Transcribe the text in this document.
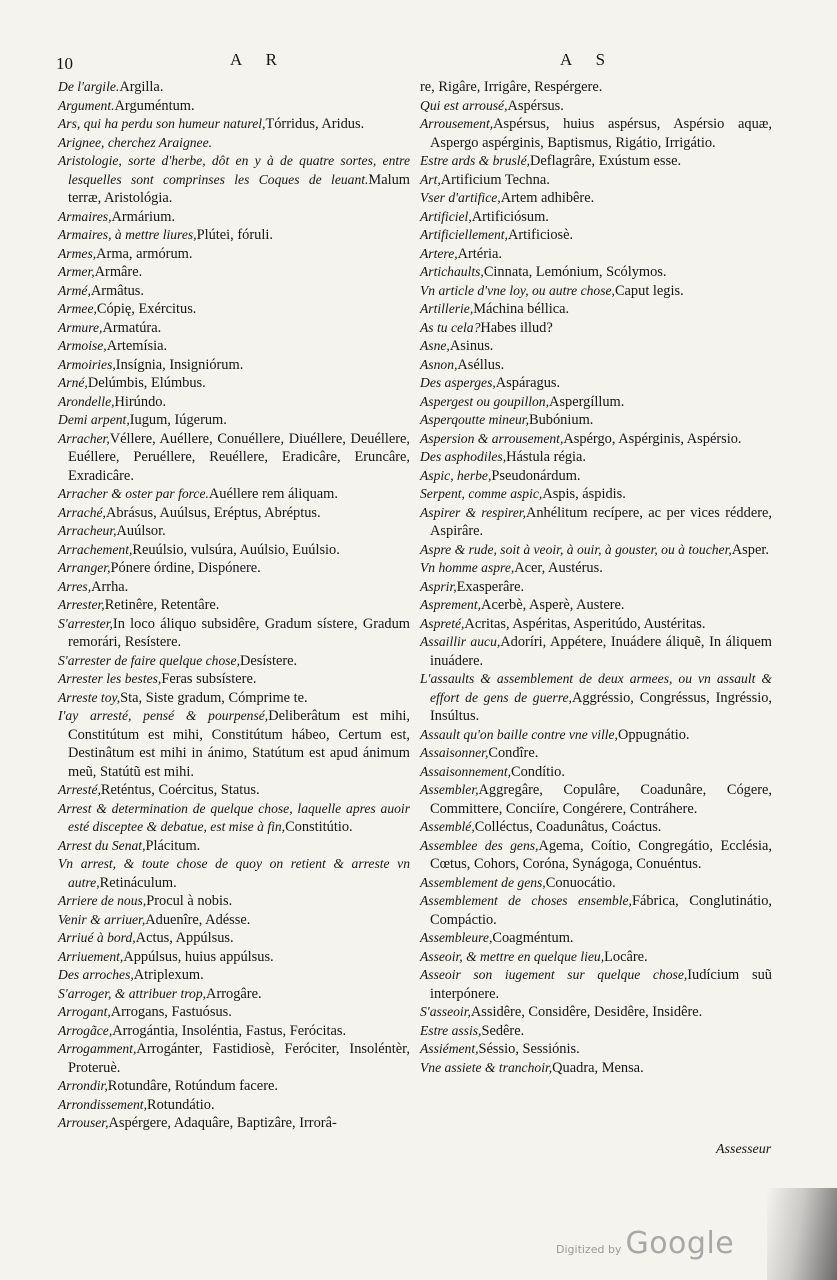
10	A R	A S
De l'argile.Argilla.
Argument.Arguméntum.
Ars, qui ha perdu son humeur naturel,Tórridus, Aridus.
Arignee, cherchez Araignee.
Aristologie, sorte d'herbe, dôt en y à de quatre sortes, entre lesquelles sont comprinses les Coques de leuant.Malum terræ, Aristológia.
Armaires,Armárium.
Armaires, à mettre liures,Plútei, fóruli.
Armes,Arma, armórum.
Armer,Armâre.
Armé,Armâtus.
Armee,Cópię, Exércitus.
Armure,Armatúra.
Armoise,Artemísia.
Armoiries,Insígnia, Insigniórum.
Arné,Delúmbis, Elúmbus.
Arondelle,Hirúndo.
Demi arpent,Iugum, Iúgerum.
Arracher,Véllere, Auéllere, Conuéllere, Diuéllere, Deuéllere, Euéllere, Peruéllere, Reuéllere, Eradicâre, Eruncâre, Exradicâre.
Arracher & oster par force.Auéllere rem áliquam.
Arraché,Abrásus, Auúlsus, Eréptus, Abréptus.
Arracheur,Auúlsor.
Arrachement,Reuúlsio, vulsúra, Auúlsio, Euúlsio.
Arranger,Pónere órdine, Dispónere.
Arres,Arrha.
Arrester,Retinêre, Retentâre.
S'arrester,In loco áliquo subsidêre, Gradum sístere, Gradum remorári, Resístere.
S'arrester de faire quelque chose,Desístere.
Arrester les bestes,Feras subsístere.
Arreste toy,Sta, Siste gradum, Cómprime te.
I'ay arresté, pensé & pourpensé,Deliberâtum est mihi, Constitútum est mihi, Constitútum hábeo, Certum est, Destinâtum est mihi in ánimo, Statútum est apud ánimum meũ, Statútũ est mihi.
Arresté,Reténtus, Coércitus, Status.
Arrest & determination de quelque chose, laquelle apres auoir esté disceptee & debatue, est mise à fin,Constitútio.
Arrest du Senat,Plácitum.
Vn arrest, & toute chose de quoy on retient & arreste vn autre,Retináculum.
Arriere de nous,Procul à nobis.
Venir & arriuer,Aduenîre, Adésse.
Arriué à bord,Actus, Appúlsus.
Arriuement,Appúlsus, huius appúlsus.
Des arroches,Atriplexum.
S'arroger, & attribuer trop,Arrogâre.
Arrogant,Arrogans, Fastuósus.
Arrogãce,Arrogántia, Insoléntia, Fastus, Ferócitas.
Arrogamment,Arrogánter, Fastidiosè, Feróciter, Insoléntèr, Proteruè.
Arrondir,Rotundâre, Rotúndum facere.
Arrondissement,Rotundátio.
Arrouser,Aspérgere, Adaquâre, Baptizâre, Irrorâ-
re, Rigâre, Irrigâre, Respérgere.
Qui est arrousé,Aspérsus.
Arrousement,Aspérsus, huius aspérsus, Aspérsio aquæ, Aspergo aspérginis, Baptismus, Rigátio, Irrigátio.
Estre ards & bruslé,Deflagrâre, Exústum esse.
Art,Artificium Techna.
Vser d'artifice,Artem adhibêre.
Artificiel,Artificiósum.
Artificiellement,Artificiosè.
Artere,Artéria.
Artichaults,Cinnata, Lemónium, Scólymos.
Vn article d'vne loy, ou autre chose,Caput legis.
Artillerie,Máchina béllica.
As tu cela?Habes illud?
Asne,Asinus.
Asnon,Aséllus.
Des asperges,Aspáragus.
Aspergest ou goupillon,Aspergíllum.
Asperqoutte mineur,Bubónium.
Aspersion & arrousement,Aspérgo, Aspérginis, Aspérsio.
Des asphodiles,Hástula régia.
Aspic, herbe,Pseudonárdum.
Serpent, comme aspic,Aspis, áspidis.
Aspirer & respirer,Anhélitum recípere, ac per vices réddere, Aspirâre.
Aspre & rude, soit à veoir, à ouir, à gouster, ou à toucher,Asper.
Vn homme aspre,Acer, Austérus.
Asprir,Exasperâre.
Asprement,Acerbè, Asperè, Austere.
Aspreté,Acritas, Aspéritas, Asperitúdo, Austéritas.
Assaillir aucu,Adoríri, Appétere, Inuádere áliquẽ, In áliquem inuádere.
L'assaults & assemblement de deux armees, ou vn assault & effort de gens de guerre,Aggréssio, Congréssus, Ingréssio, Insúltus.
Assault qu'on baille contre vne ville,Oppugnátio.
Assaisonner,Condîre.
Assaisonnement,Condítio.
Assembler,Aggregâre, Copulâre, Coadunâre, Cógere, Committere, Conciíre, Congérere, Contráhere.
Assemblé,Colléctus, Coadunâtus, Coáctus.
Assemblee des gens,Agema, Coítio, Congregátio, Ecclésia, Cœtus, Cohors, Coróna, Synágoga, Conuéntus.
Assemblement de gens,Conuocátio.
Assemblement de choses ensemble,Fábrica, Conglutinátio, Compáctio.
Assembleure,Coagméntum.
Asseoir, & mettre en quelque lieu,Locâre.
Asseoir son iugement sur quelque chose,Iudícium suũ interpónere.
S'asseoir,Assidêre, Considêre, Desidêre, Insidêre.
Estre assis,Sedêre.
Assiément,Séssio, Sessiónis.
Vne assiete & tranchoir,Quadra, Mensa.
Assesseur
Digitized by Google
